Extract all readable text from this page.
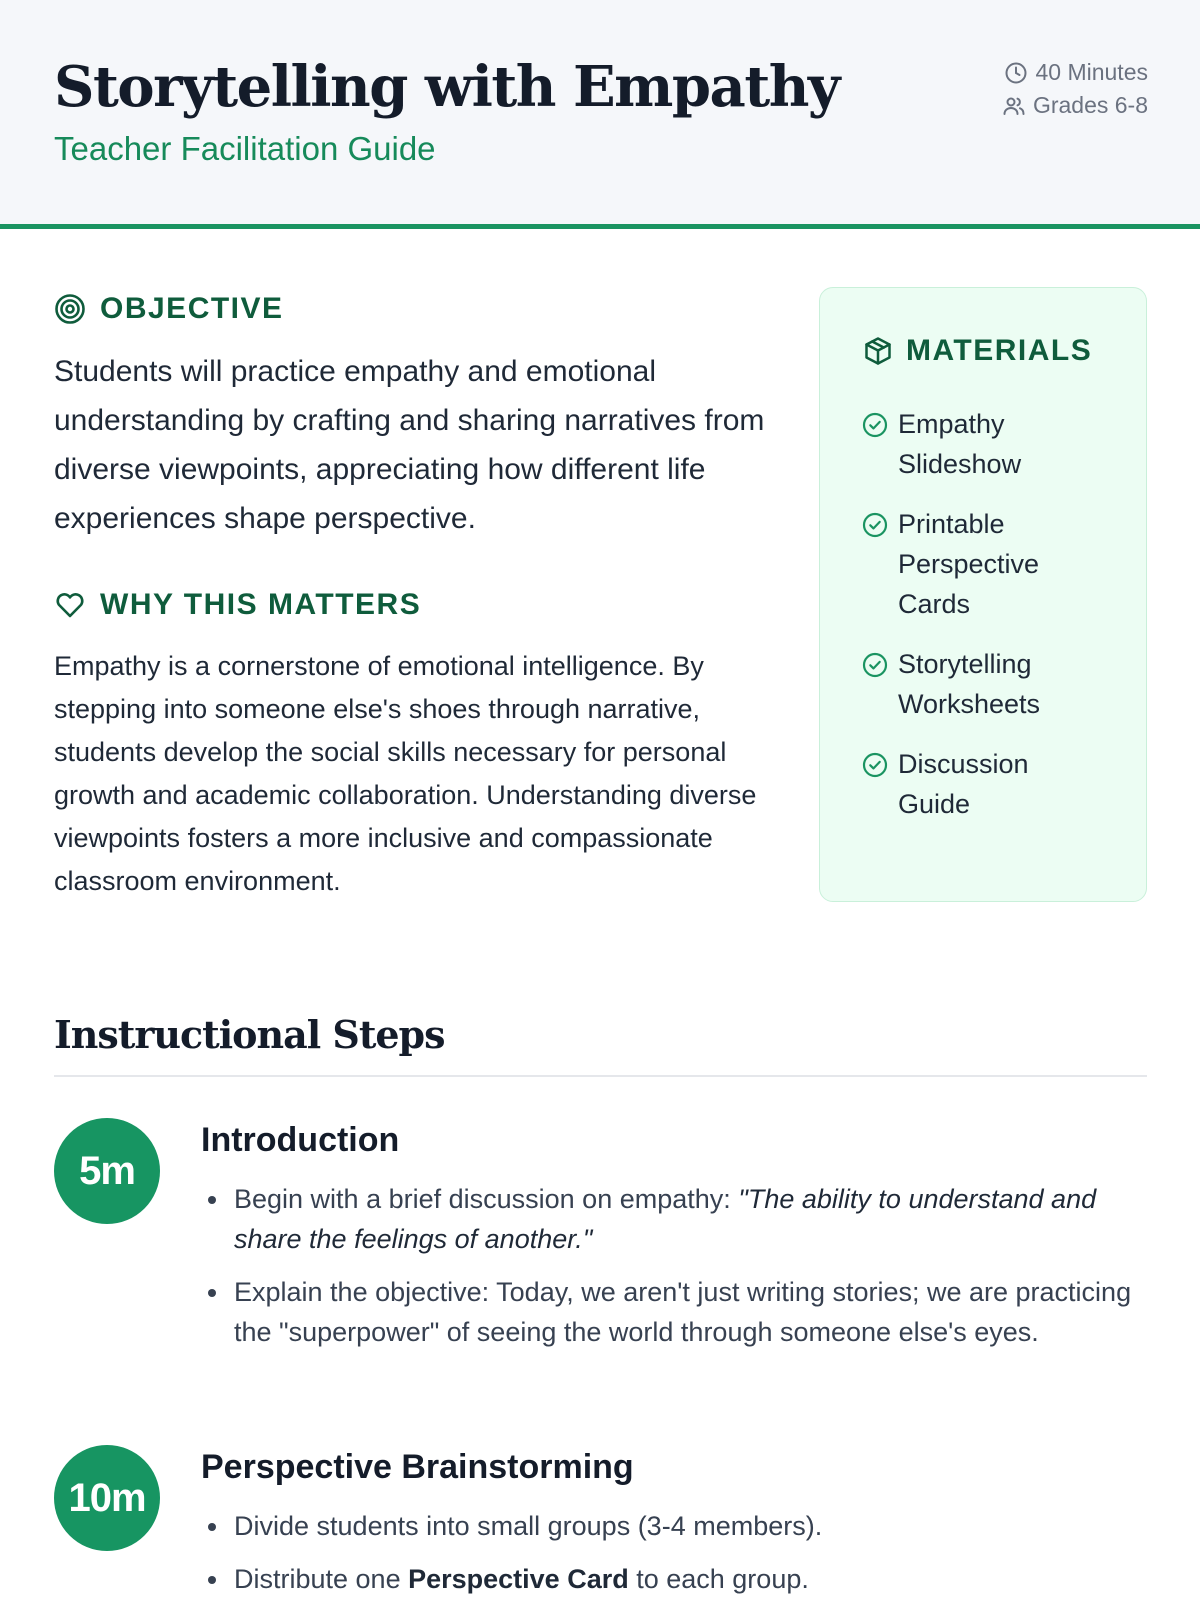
Storytelling with Empathy
Teacher Facilitation Guide
40 Minutes
Grades 6-8
OBJECTIVE
Students will practice empathy and emotional understanding by crafting and sharing narratives from diverse viewpoints, appreciating how different life experiences shape perspective.
WHY THIS MATTERS
Empathy is a cornerstone of emotional intelligence. By stepping into someone else's shoes through narrative, students develop the social skills necessary for personal growth and academic collaboration. Understanding diverse viewpoints fosters a more inclusive and compassionate classroom environment.
MATERIALS
Empathy Slideshow
Printable Perspective Cards
Storytelling Worksheets
Discussion Guide
Instructional Steps
5m
Introduction
Begin with a brief discussion on empathy: "The ability to understand and share the feelings of another."
Explain the objective: Today, we aren't just writing stories; we are practicing the "superpower" of seeing the world through someone else's eyes.
10m
Perspective Brainstorming
Divide students into small groups (3-4 members).
Distribute one Perspective Card to each group.
